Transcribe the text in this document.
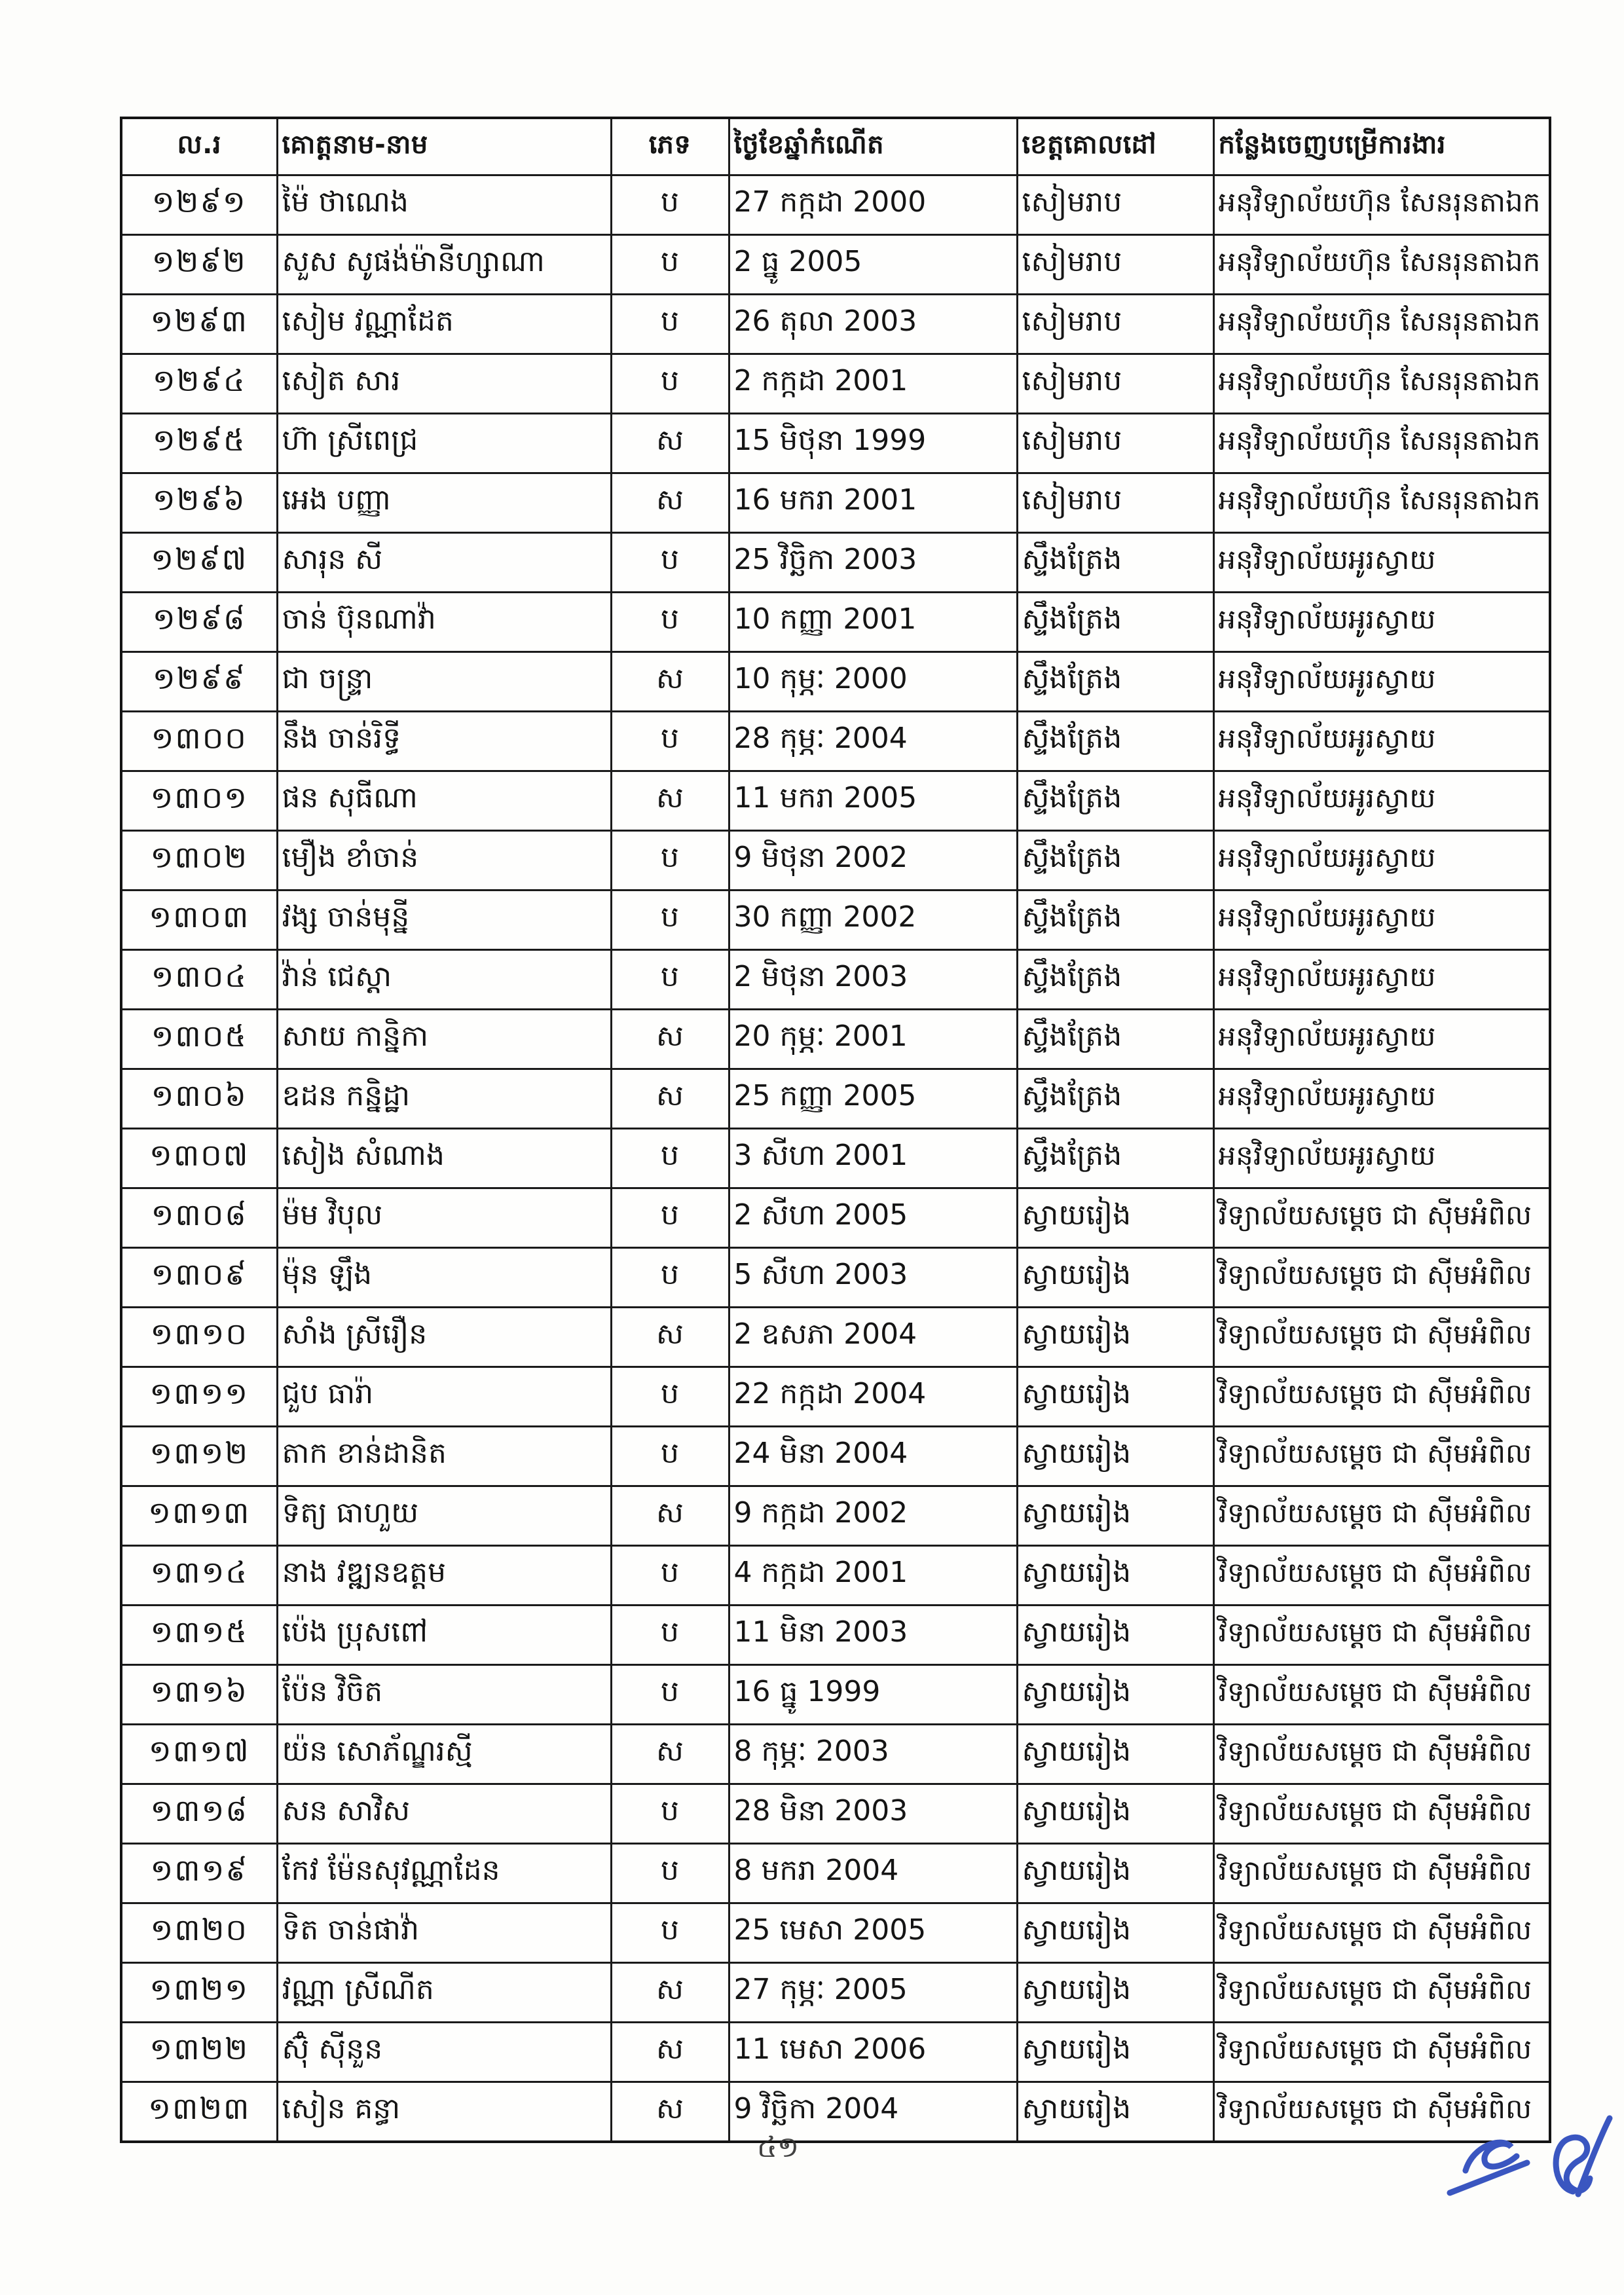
ល.រ	គោត្តនាម-នាម	ភេទ	ថ្ងៃខែឆ្នាំកំណើត	ខេត្តគោលដៅ	កន្លែងចេញបម្រើការងារ
១២៩១	ម៉ៃ ថាណេង	ប	27 កក្កដា 2000	សៀមរាប	អនុវិទ្យាល័យហ៊ុន សែនរុនតាឯក
១២៩២	សួស សូផង់ម៉ានីហ្សាណា	ប	2 ធ្នូ 2005	សៀមរាប	អនុវិទ្យាល័យហ៊ុន សែនរុនតាឯក
១២៩៣	សៀម វណ្ណាដែត	ប	26 តុលា 2003	សៀមរាប	អនុវិទ្យាល័យហ៊ុន សែនរុនតាឯក
១២៩៤	សៀត សារ	ប	2 កក្កដា 2001	សៀមរាប	អនុវិទ្យាល័យហ៊ុន សែនរុនតាឯក
១២៩៥	ហ៊ា ស្រីពេជ្រ	ស	15 មិថុនា 1999	សៀមរាប	អនុវិទ្យាល័យហ៊ុន សែនរុនតាឯក
១២៩៦	អេង បញ្ញា	ស	16 មករា 2001	សៀមរាប	អនុវិទ្យាល័យហ៊ុន សែនរុនតាឯក
១២៩៧	សារុន សី	ប	25 វិច្ឆិកា 2003	ស្ទឹងត្រែង	អនុវិទ្យាល័យអូរស្វាយ
១២៩៨	ចាន់ ប៊ុនណាវ៉ា	ប	10 កញ្ញា 2001	ស្ទឹងត្រែង	អនុវិទ្យាល័យអូរស្វាយ
១២៩៩	ជា ចន្ទ្រា	ស	10 កុម្ភៈ 2000	ស្ទឹងត្រែង	អនុវិទ្យាល័យអូរស្វាយ
១៣០០	នឹង ចាន់រិទ្ធី	ប	28 កុម្ភៈ 2004	ស្ទឹងត្រែង	អនុវិទ្យាល័យអូរស្វាយ
១៣០១	ផន សុធីណា	ស	11 មករា 2005	ស្ទឹងត្រែង	អនុវិទ្យាល័យអូរស្វាយ
១៣០២	មឿង ខាំចាន់	ប	9 មិថុនា 2002	ស្ទឹងត្រែង	អនុវិទ្យាល័យអូរស្វាយ
១៣០៣	វង្ស ចាន់មុន្នី	ប	30 កញ្ញា 2002	ស្ទឹងត្រែង	អនុវិទ្យាល័យអូរស្វាយ
១៣០៤	វ៉ាន់ ជេស្តា	ប	2 មិថុនា 2003	ស្ទឹងត្រែង	អនុវិទ្យាល័យអូរស្វាយ
១៣០៥	សាយ កាន្និកា	ស	20 កុម្ភៈ 2001	ស្ទឹងត្រែង	អនុវិទ្យាល័យអូរស្វាយ
១៣០៦	ឧដន កន្និដ្ឋា	ស	25 កញ្ញា 2005	ស្ទឹងត្រែង	អនុវិទ្យាល័យអូរស្វាយ
១៣០៧	សៀង សំណាង	ប	3 សីហា 2001	ស្ទឹងត្រែង	អនុវិទ្យាល័យអូរស្វាយ
១៣០៨	ម៉ម វិបុល	ប	2 សីហា 2005	ស្វាយរៀង	វិទ្យាល័យសម្តេច ជា ស៊ីមអំពិល
១៣០៩	ម៉ុន ឡឹង	ប	5 សីហា 2003	ស្វាយរៀង	វិទ្យាល័យសម្តេច ជា ស៊ីមអំពិល
១៣១០	សាំង ស្រីរឿន	ស	2 ឧសភា 2004	ស្វាយរៀង	វិទ្យាល័យសម្តេច ជា ស៊ីមអំពិល
១៣១១	ជួប ធារ៉ា	ប	22 កក្កដា 2004	ស្វាយរៀង	វិទ្យាល័យសម្តេច ជា ស៊ីមអំពិល
១៣១២	តាក ខាន់ដានិត	ប	24 មិនា 2004	ស្វាយរៀង	វិទ្យាល័យសម្តេច ជា ស៊ីមអំពិល
១៣១៣	ទិត្យ ធាហួយ	ស	9 កក្កដា 2002	ស្វាយរៀង	វិទ្យាល័យសម្តេច ជា ស៊ីមអំពិល
១៣១៤	នាង វឌ្ឍនឧត្តម	ប	4 កក្កដា 2001	ស្វាយរៀង	វិទ្យាល័យសម្តេច ជា ស៊ីមអំពិល
១៣១៥	ប៉េង ប្រុសពៅ	ប	11 មិនា 2003	ស្វាយរៀង	វិទ្យាល័យសម្តេច ជា ស៊ីមអំពិល
១៣១៦	ប៉ែន វិចិត	ប	16 ធ្នូ 1999	ស្វាយរៀង	វិទ្យាល័យសម្តេច ជា ស៊ីមអំពិល
១៣១៧	យ៉ន សោភ័ណ្ឌរស្មី	ស	8 កុម្ភៈ 2003	ស្វាយរៀង	វិទ្យាល័យសម្តេច ជា ស៊ីមអំពិល
១៣១៨	សន សាវិស	ប	28 មិនា 2003	ស្វាយរៀង	វិទ្យាល័យសម្តេច ជា ស៊ីមអំពិល
១៣១៩	កែវ ម៉ែនសុវណ្ណាដែន	ប	8 មករា 2004	ស្វាយរៀង	វិទ្យាល័យសម្តេច ជា ស៊ីមអំពិល
១៣២០	ទិត ចាន់ផាវ៉ា	ប	25 មេសា 2005	ស្វាយរៀង	វិទ្យាល័យសម្តេច ជា ស៊ីមអំពិល
១៣២១	វណ្ណា ស្រីណីត	ស	27 កុម្ភៈ 2005	ស្វាយរៀង	វិទ្យាល័យសម្តេច ជា ស៊ីមអំពិល
១៣២២	ស៊ុំ ស៊ីនួន	ស	11 មេសា 2006	ស្វាយរៀង	វិទ្យាល័យសម្តេច ជា ស៊ីមអំពិល
១៣២៣	សៀន គន្ធា	ស	9 វិច្ឆិកា 2004	ស្វាយរៀង	វិទ្យាល័យសម្តេច ជា ស៊ីមអំពិល
៤១
